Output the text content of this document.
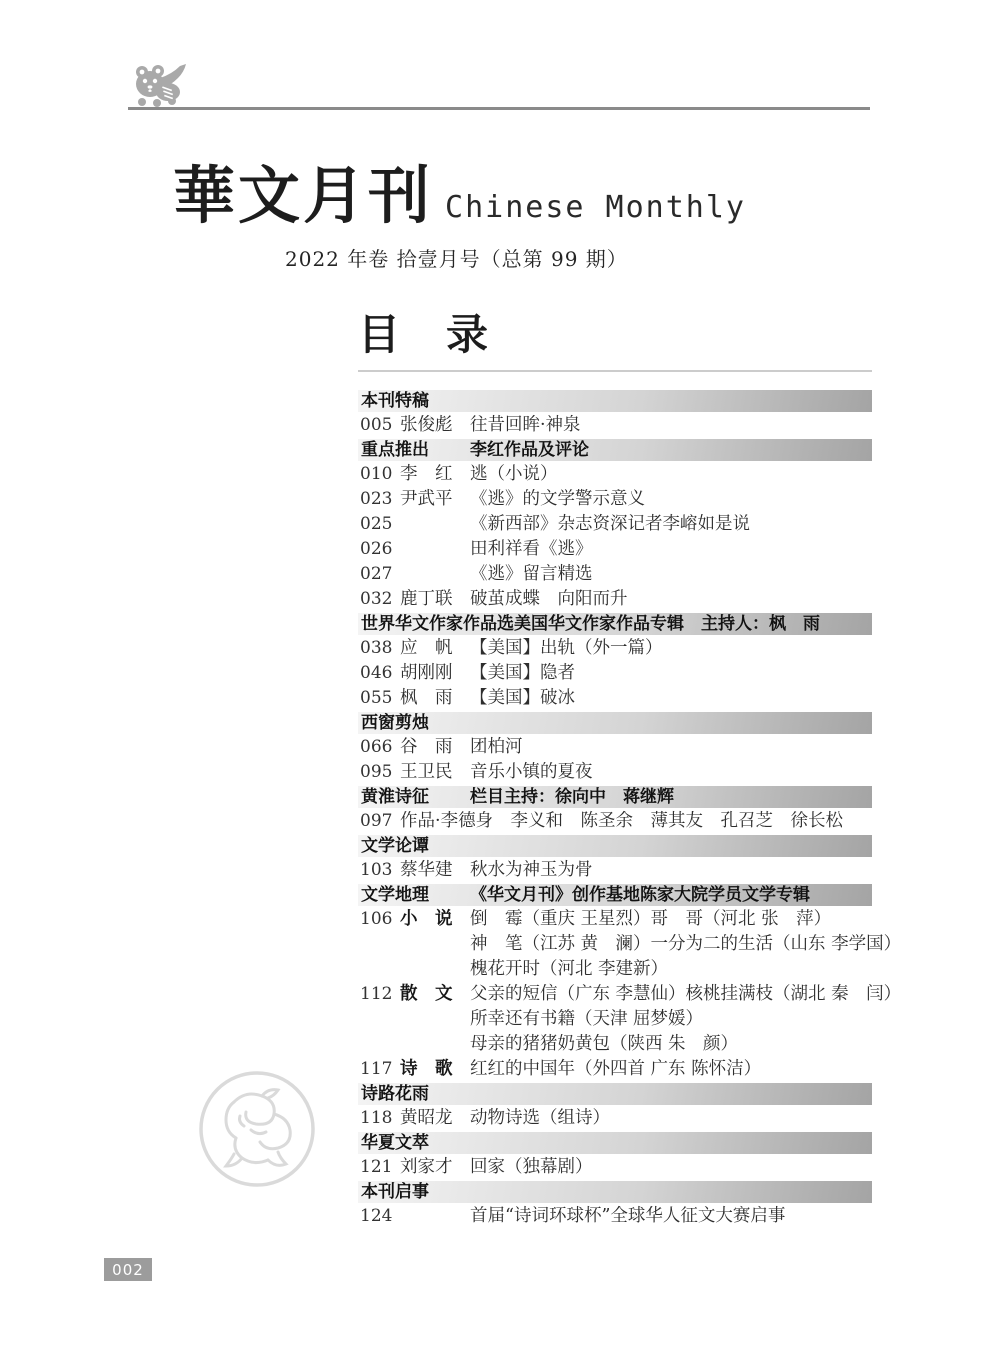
華文月刊 Chinese Monthly
2022 年卷 拾壹月号（总第 99 期）
目　录
本刊特稿
005 张俊彪 往昔回眸·神泉
重点推出 李红作品及评论
010 李　红 逃（小说）
023 尹武平 《逃》的文学警示意义
025	《新西部》杂志资深记者李嵱如是说
026	田利祥看《逃》
027	《逃》留言精选
032 鹿丁联 破茧成蝶　向阳而升
世界华文作家作品选美国华文作家作品专辑　主持人：枫　雨
038 应　帆 【美国】出轨（外一篇）
046 胡刚刚 【美国】隐者
055 枫　雨 【美国】破冰
西窗剪烛
066 谷　雨 团柏河
095 王卫民 音乐小镇的夏夜
黄淮诗征 栏目主持：徐向中　蒋继辉
097 作品·李德身　李义和　陈圣余　薄其友　孔召芝　徐长松
文学论谭
103 蔡华建 秋水为神玉为骨
文学地理 《华文月刊》创作基地陈家大院学员文学专辑
106 小　说 倒　霉（重庆 王星烈）哥　哥（河北 张　萍）
神　笔（江苏 黄　澜）一分为二的生活（山东 李学国）
槐花开时（河北 李建新）
112 散　文 父亲的短信（广东 李慧仙）核桃挂满枝（湖北 秦　闫）
所幸还有书籍（天津 屈梦媛）
母亲的猪猪奶黄包（陕西 朱　颜）
117 诗　歌 红红的中国年（外四首 广东 陈怀洁）
诗路花雨
118 黄昭龙 动物诗选（组诗）
华夏文萃
121 刘家才 回家（独幕剧）
本刊启事
124	首届“诗词环球杯”全球华人征文大赛启事
002
